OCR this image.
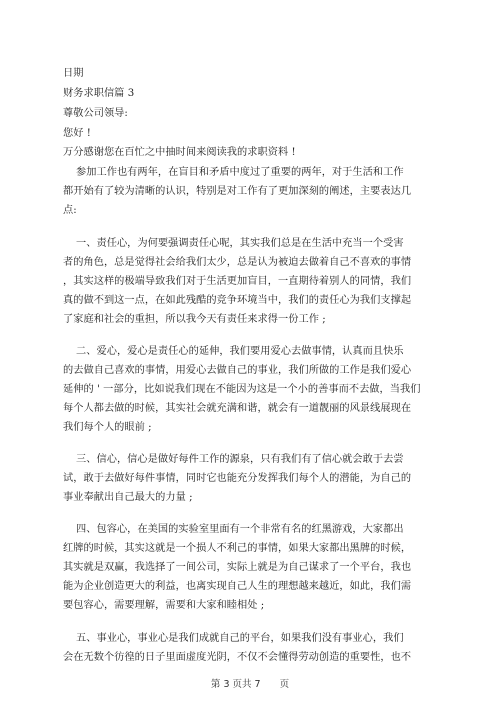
日期
财务求职信篇 3
尊敬公司领导:
您好 !
万分感谢您在百忙之中抽时间来阅读我的求职资料 !
参加工作也有两年，在盲目和矛盾中度过了重要的两年，对于生活和工作
都开始有了较为清晰的认识，特别是对工作有了更加深刻的阐述，主要表达几
点:
一、责任心，为何要强调责任心呢，其实我们总是在生活中充当一个受害
者的角色，总是觉得社会给我们太少，总是认为被迫去做着自己不喜欢的事情
，其实这样的极端导致我们对于生活更加盲目，一直期待着别人的同情，我们
真的做不到这一点，在如此残酷的竞争环境当中，我们的责任心为我们支撑起
了家庭和社会的重担，所以我今天有责任来求得一份工作 ;
二、爱心，爱心是责任心的延伸，我们要用爱心去做事情，认真而且快乐
的去做自己喜欢的事情，用爱心去做自己的事业，我们所做的工作是我们爱心
延伸的 ' 一部分，比如说我们现在不能因为这是一个小的善事而不去做，当我们
每个人都去做的时候，其实社会就充满和谐，就会有一道靓丽的风景线展现在
我们每个人的眼前 ;
三、信心，信心是做好每件工作的源泉，只有我们有了信心就会敢于去尝
试，敢于去做好每件事情，同时它也能充分发挥我们每个人的潜能，为自己的
事业奉献出自己最大的力量 ;
四、包容心，在美国的实验室里面有一个非常有名的红黑游戏，大家都出
红牌的时候，其实这就是一个损人不利己的事情，如果大家都出黑牌的时候，
其实就是双赢，我选择了一间公司，实际上就是为自己谋求了一个平台，我也
能为企业创造更大的利益，也离实现自己人生的理想越来越近，如此，我们需
要包容心，需要理解，需要和大家和睦相处 ;
五、事业心，事业心是我们成就自己的平台，如果我们没有事业心，我们
会在无数个彷徨的日子里面虚度光阴，不仅不会懂得劳动创造的重要性，也不
第 3 页共 7　　页
